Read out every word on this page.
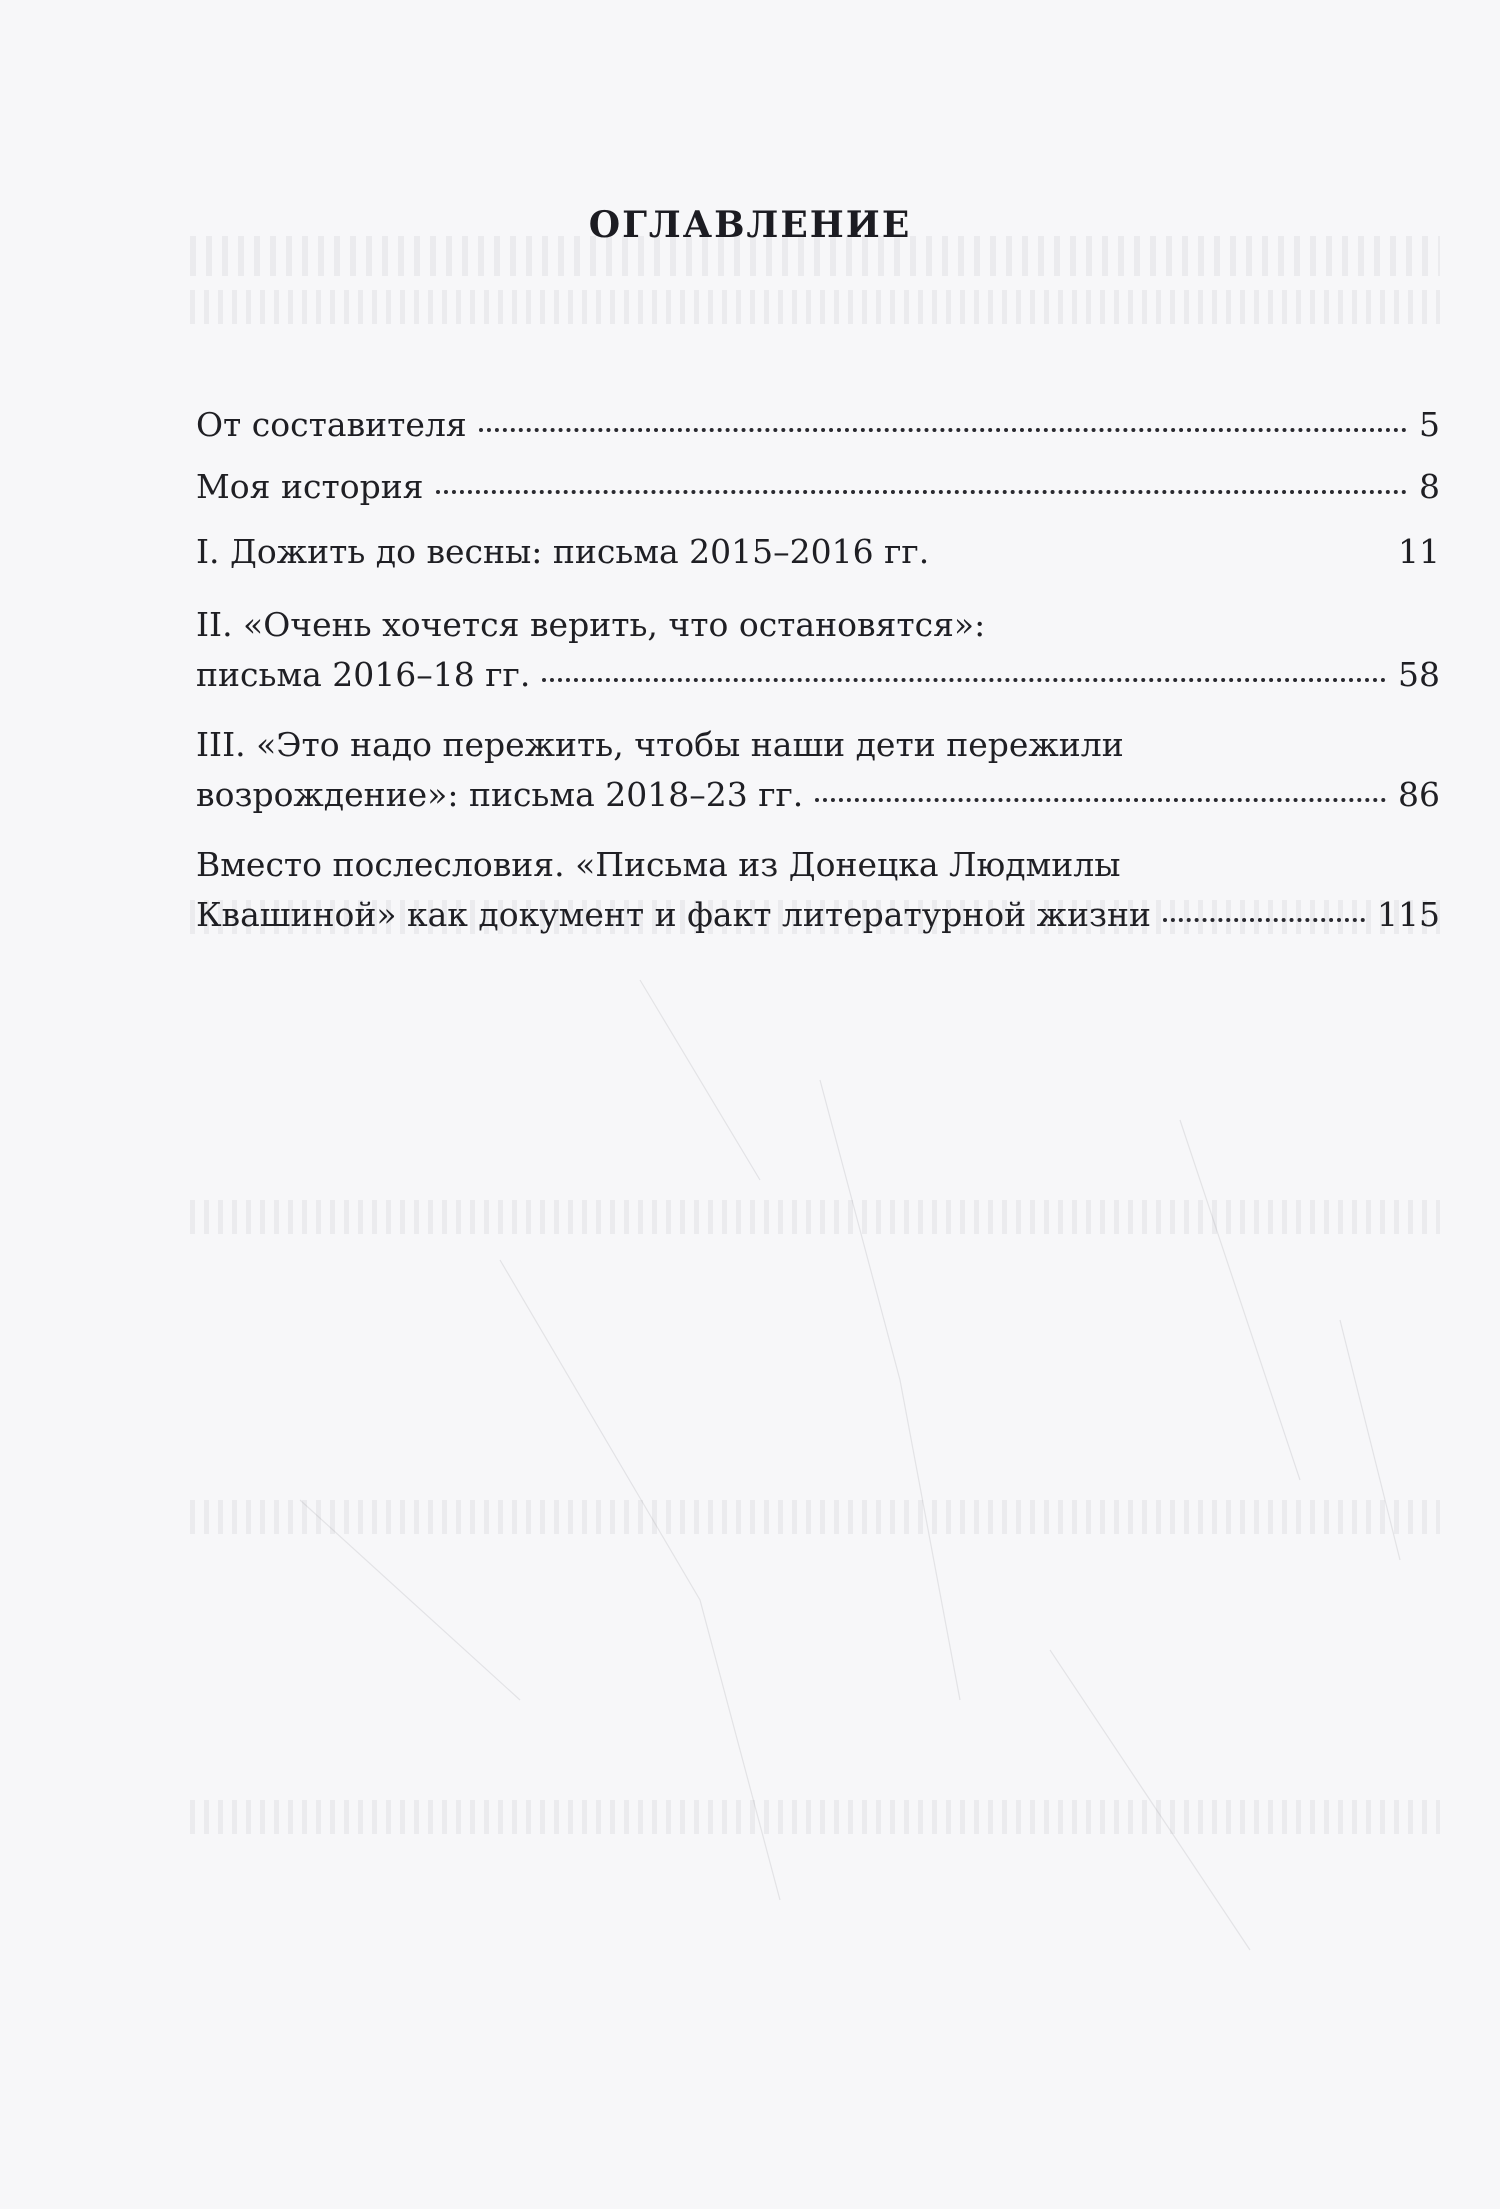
ОГЛАВЛЕНИЕ
От составителя	5
Моя история	8
I. Дожить до весны: письма 2015–2016 гг.	11
II. «Очень хочется верить, что остановятся»:
письма 2016–18 гг.	58
III. «Это надо пережить, чтобы наши дети пережили
возрождение»: письма 2018–23 гг.	86
Вместо послесловия. «Письма из Донецка Людмилы
Квашиной» как документ и факт литературной жизни	115
